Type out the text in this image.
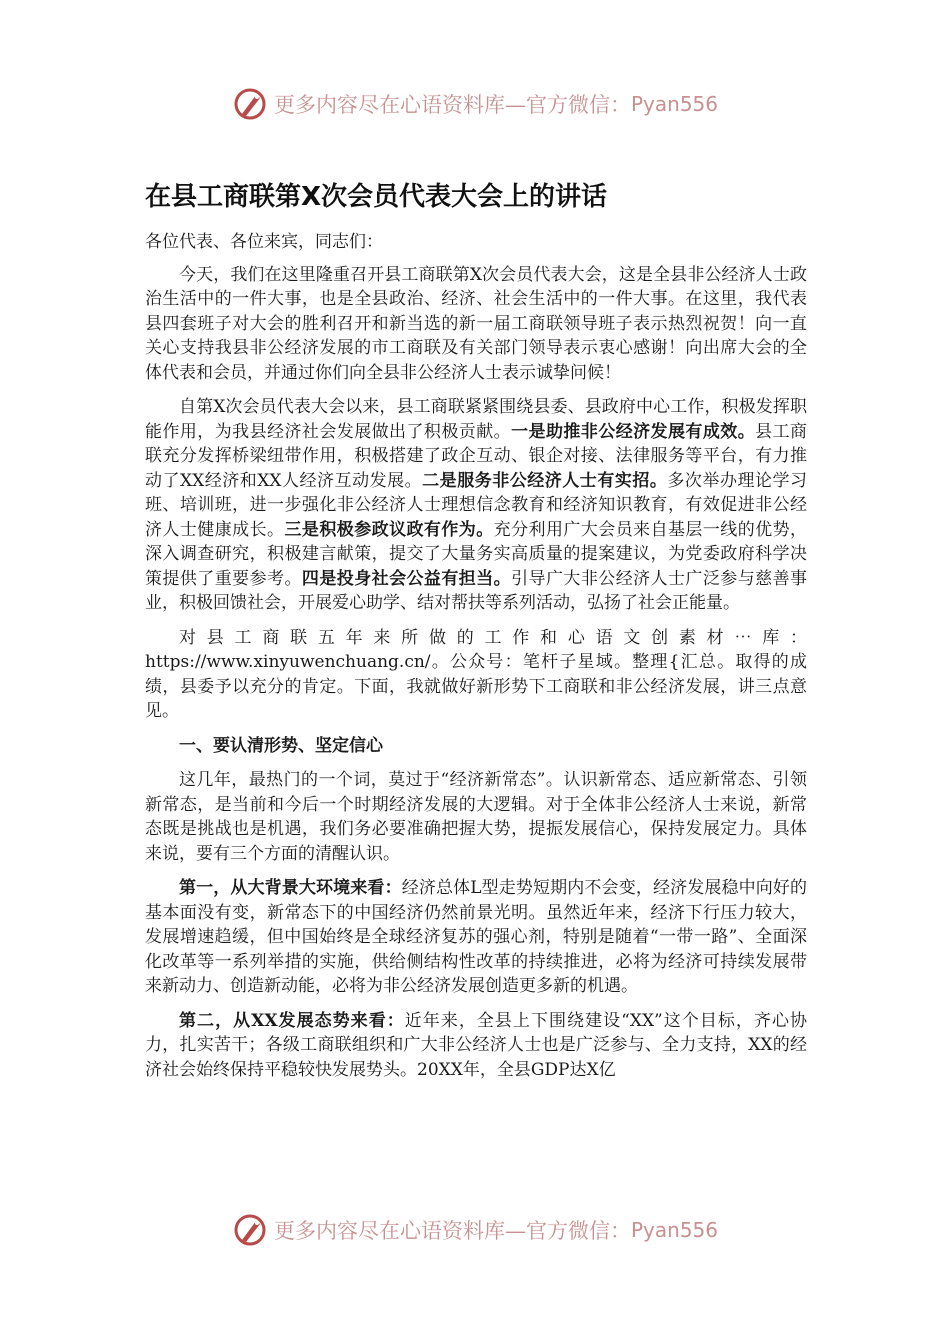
更多内容尽在心语资料库—官方微信： Pyan556
在县工商联第Ⅹ次会员代表大会上的讲话

各位代表、各位来宾，同志们：

今天，我们在这里隆重召开县工商联第Ⅹ次会员代表大会，这是全县非公经济人士政治生活中的一件大事，也是全县政治、经济、社会生活中的一件大事。在这里，我代表县四套班子对大会的胜利召开和新当选的新一届工商联领导班子表示热烈祝贺！向一直关心支持我县非公经济发展的市工商联及有关部门领导表示衷心感谢！向出席大会的全体代表和会员，并通过你们向全县非公经济人士表示诚挚问候！

自第Ⅹ次会员代表大会以来，县工商联紧紧围绕县委、县政府中心工作，积极发挥职能作用，为我县经济社会发展做出了积极贡献。一是助推非公经济发展有成效。县工商联充分发挥桥梁纽带作用，积极搭建了政企互动、银企对接、法律服务等平台，有力推动了XX经济和XX人经济互动发展。二是服务非公经济人士有实招。多次举办理论学习班、培训班，进一步强化非公经济人士理想信念教育和经济知识教育，有效促进非公经济人士健康成长。三是积极参政议政有作为。充分利用广大会员来自基层一线的优势，深入调查研究，积极建言献策，提交了大量务实高质量的提案建议，为党委政府科学决策提供了重要参考。四是投身社会公益有担当。引导广大非公经济人士广泛参与慈善事业，积极回馈社会，开展爱心助学、结对帮扶等系列活动，弘扬了社会正能量。

对县工商联五年来所做的工作和心语文创素材⋯库：https://www.xinyuwenchuang.cn/。公众号：笔杆子星域。整理{汇总。取得的成绩，县委予以充分的肯定。下面，我就做好新形势下工商联和非公经济发展，讲三点意见。

一、要认清形势、坚定信心

这几年，最热门的一个词，莫过于“经济新常态”。认识新常态、适应新常态、引领新常态，是当前和今后一个时期经济发展的大逻辑。对于全体非公经济人士来说，新常态既是挑战也是机遇，我们务必要准确把握大势，提振发展信心，保持发展定力。具体来说，要有三个方面的清醒认识。

第一，从大背景大环境来看：经济总体L型走势短期内不会变，经济发展稳中向好的基本面没有变，新常态下的中国经济仍然前景光明。虽然近年来，经济下行压力较大，发展增速趋缓，但中国始终是全球经济复苏的强心剂，特别是随着“一带一路”、全面深化改革等一系列举措的实施，供给侧结构性改革的持续推进，必将为经济可持续发展带来新动力、创造新动能，必将为非公经济发展创造更多新的机遇。

第二，从XX发展态势来看：近年来，全县上下围绕建设“XX”这个目标，齐心协力，扎实苦干；各级工商联组织和广大非公经济人士也是广泛参与、全力支持，XX的经济社会始终保持平稳较快发展势头。20XX年，全县GDP达X亿

更多内容尽在心语资料库—官方微信： Pyan556
